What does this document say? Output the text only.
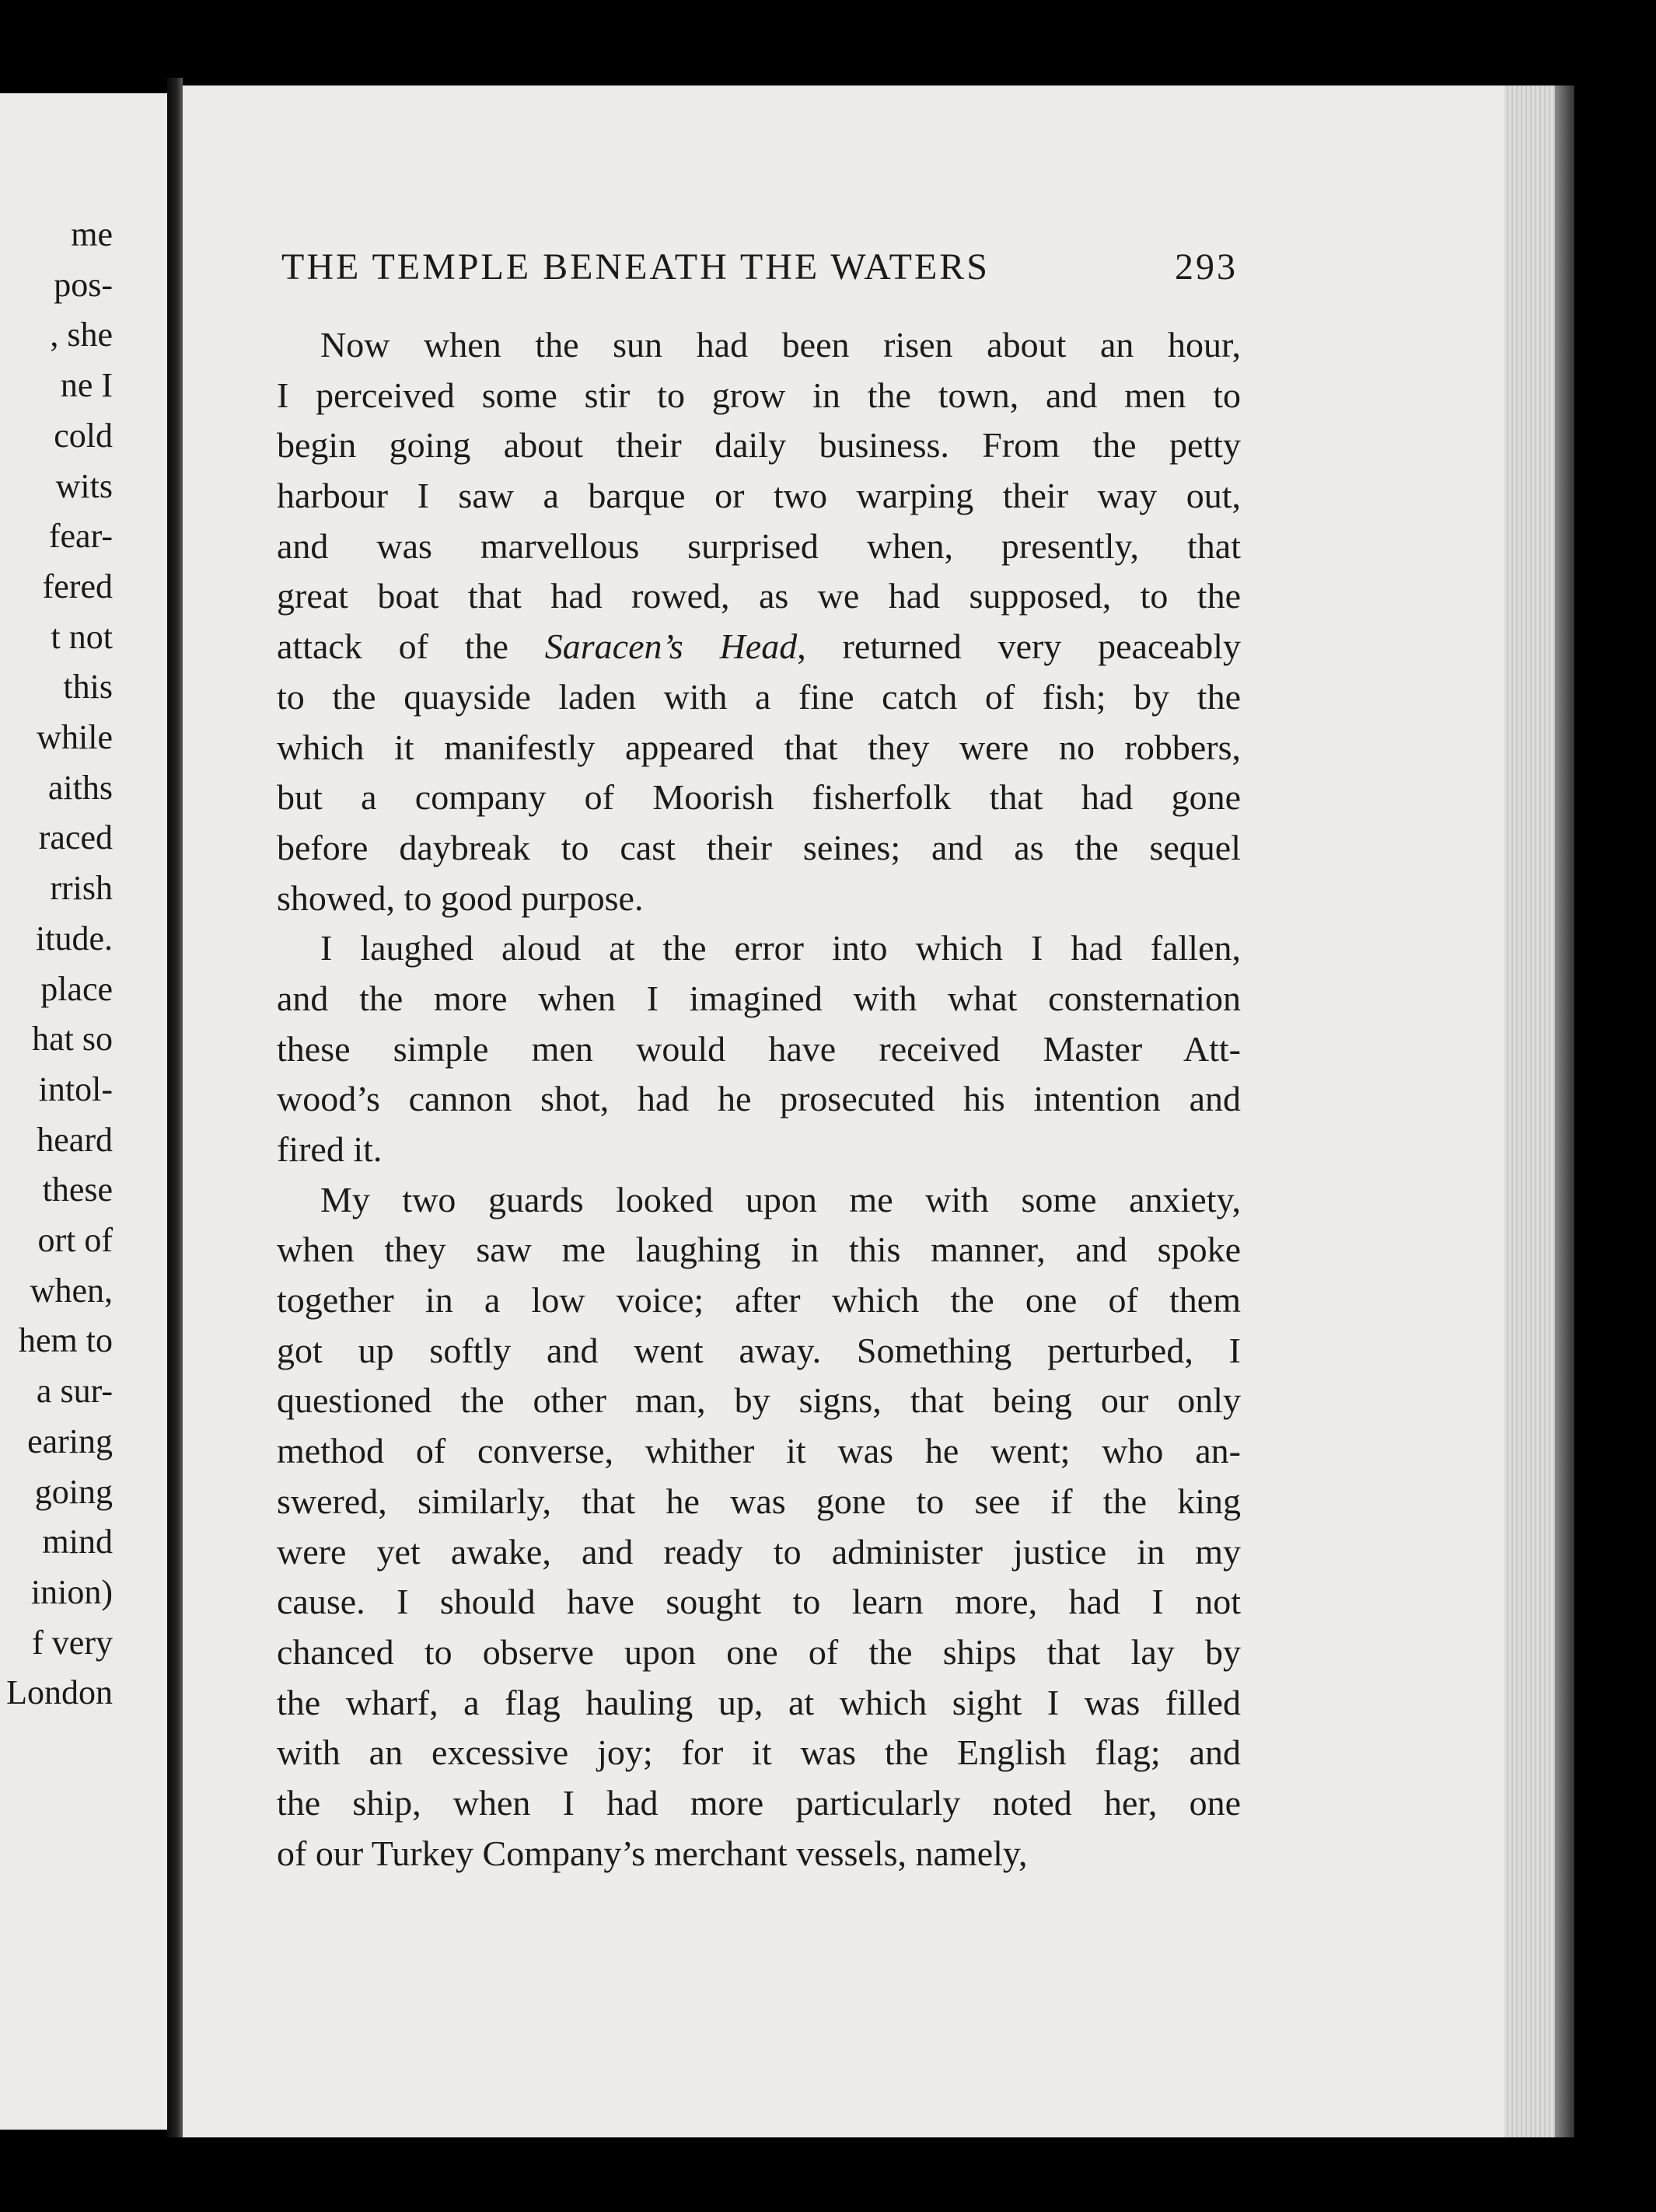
me
pos-
, she
ne I
cold
wits
fear-
fered
t not
this
while
aiths
raced
rrish
itude.
place
hat so
intol-
heard
these
ort of
when,
hem to
a sur-
earing
going
mind
inion)
f very
London
THE TEMPLE BENEATH THE WATERS	293
Now when the sun had been risen about an hour,
I perceived some stir to grow in the town, and men to
begin going about their daily business. From the petty
harbour I saw a barque or two warping their way out,
and was marvellous surprised when, presently, that
great boat that had rowed, as we had supposed, to the
attack of the Saracen’s Head, returned very peaceably
to the quayside laden with a fine catch of fish; by the
which it manifestly appeared that they were no robbers,
but a company of Moorish fisherfolk that had gone
before daybreak to cast their seines; and as the sequel
showed, to good purpose.
I laughed aloud at the error into which I had fallen,
and the more when I imagined with what consternation
these simple men would have received Master Att-
wood’s cannon shot, had he prosecuted his intention and
fired it.
My two guards looked upon me with some anxiety,
when they saw me laughing in this manner, and spoke
together in a low voice; after which the one of them
got up softly and went away. Something perturbed, I
questioned the other man, by signs, that being our only
method of converse, whither it was he went; who an-
swered, similarly, that he was gone to see if the king
were yet awake, and ready to administer justice in my
cause. I should have sought to learn more, had I not
chanced to observe upon one of the ships that lay by
the wharf, a flag hauling up, at which sight I was filled
with an excessive joy; for it was the English flag; and
the ship, when I had more particularly noted her, one
of our Turkey Company’s merchant vessels, namely,
